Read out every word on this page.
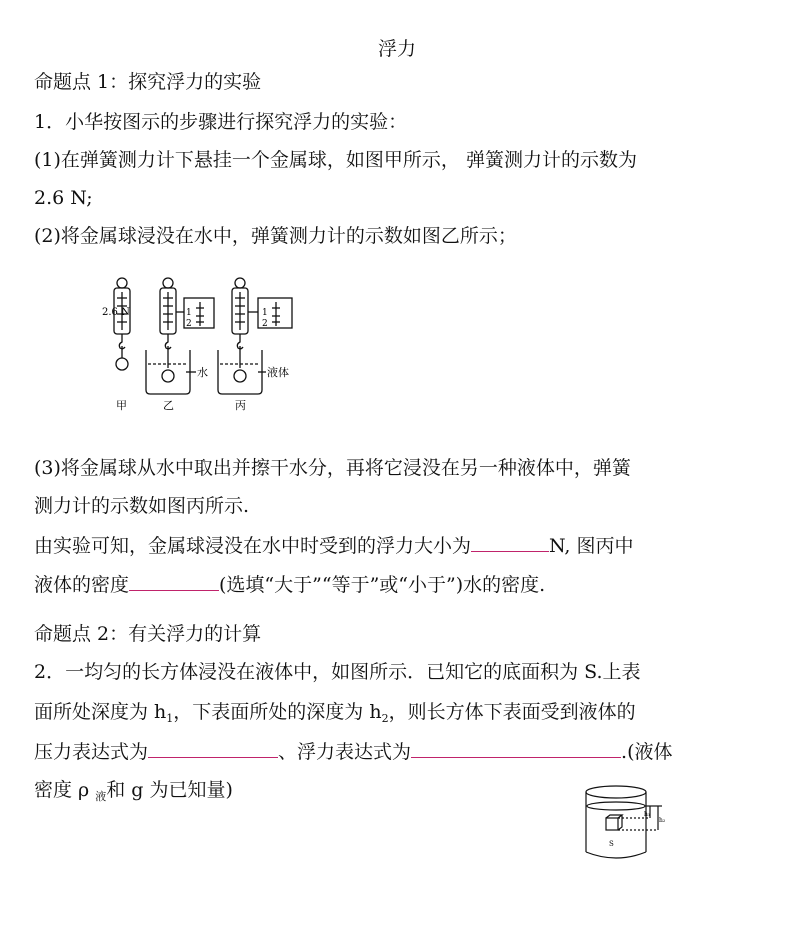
浮力
命题点 1：探究浮力的实验
1．小华按图示的步骤进行探究浮力的实验：
(1)在弹簧测力计下悬挂一个金属球，如图甲所示， 弹簧测力计的示数为
2.6 N;
(2)将金属球浸没在水中，弹簧测力计的示数如图乙所示；
2.6 N	1
2
1
2
水	液体
甲	乙	丙
(3)将金属球从水中取出并擦干水分，再将它浸没在另一种液体中，弹簧
测力计的示数如图丙所示.
由实验可知，金属球浸没在水中时受到的浮力大小为	N, 图丙中
液体的密度	(选填“大于”“等于”或“小于”)水的密度.
命题点 2：有关浮力的计算
2．一均匀的长方体浸没在液体中，如图所示．已知它的底面积为 S.上表
面所处深度为 $h_1$，下表面所处的深度为 $h_2$，则长方体下表面受到液体的
压力表达式为	、浮力表达式为	.(液体
密度 ρ $_液$和 g 为已知量)
h₁
h₂
S
